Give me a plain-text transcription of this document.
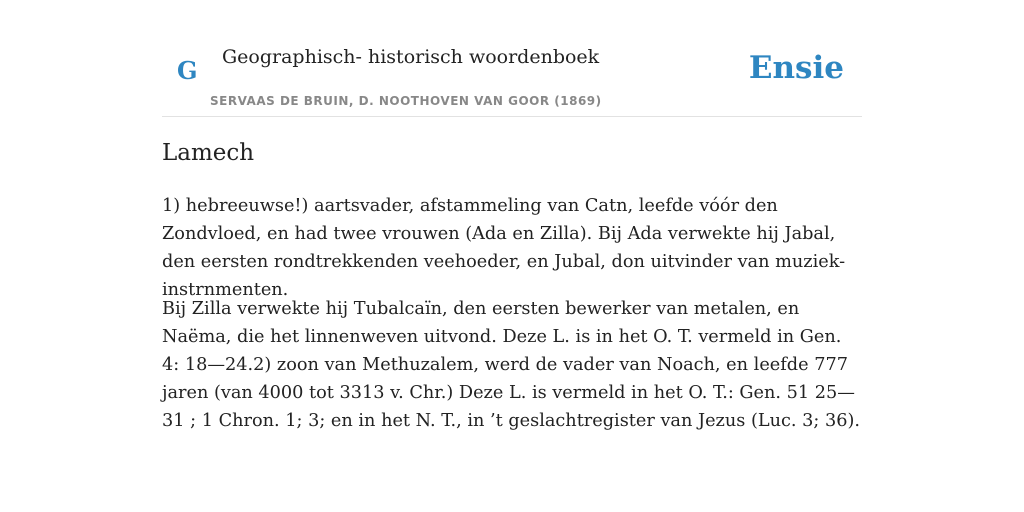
G Geographisch- historisch woordenboek
SERVAAS DE BRUIN, D. NOOTHOVEN VAN GOOR (1869)
Ensie
Lamech

1) hebreeuwse!) aartsvader, afstammeling van Catn, leefde vóór den Zondvloed, en had twee vrouwen (Ada en Zilla). Bij Ada verwekte hij Jabal, den eersten rondtrekkenden veehoeder, en Jubal, don uitvinder van muziek-instrnmenten.

Bij Zilla verwekte hij Tubalcaïn, den eersten bewerker van metalen, en Naëma, die het linnenweven uitvond. Deze L. is in het O. T. vermeld in Gen. 4: 18—24.2) zoon van Methuzalem, werd de vader van Noach, en leefde 777 jaren (van 4000 tot 3313 v. Chr.) Deze L. is vermeld in het O. T.: Gen. 51 25—31 ; 1 Chron. 1; 3; en in het N. T., in ’t geslachtregister van Jezus (Luc. 3; 36).
